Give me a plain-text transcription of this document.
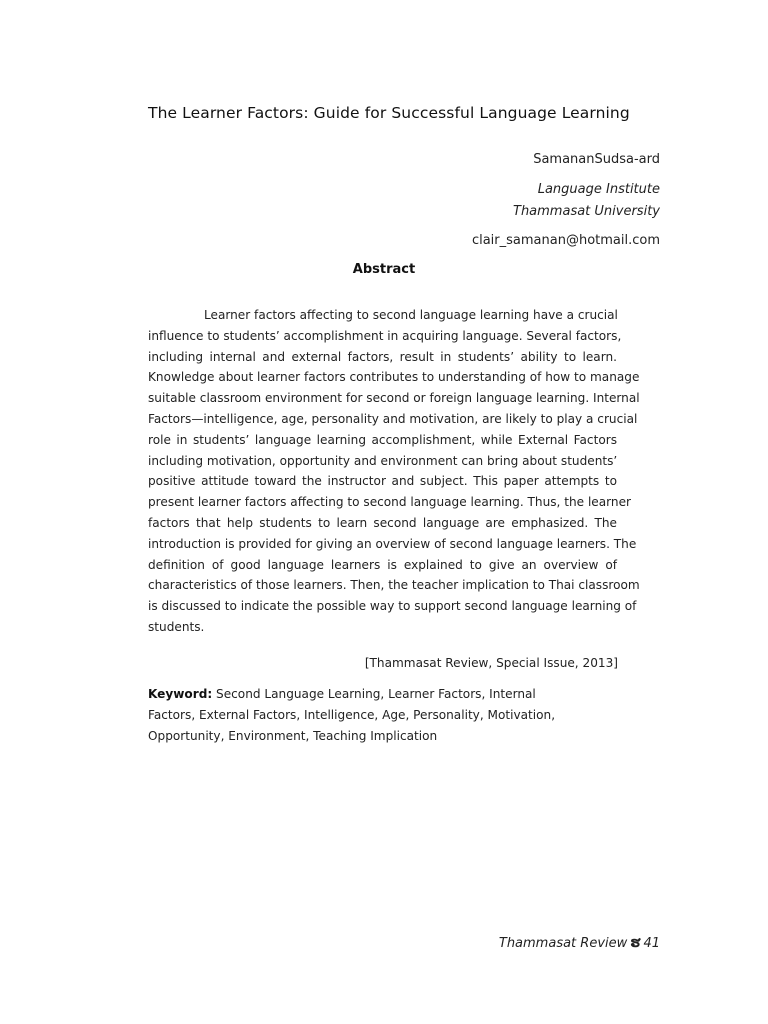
The Learner Factors: Guide for Successful Language Learning
SamananSudsa-ard
Language Institute
Thammasat University
clair_samanan@hotmail.com
Abstract
Learner factors affecting to second language learning have a crucial
influence to students’ accomplishment in acquiring language. Several factors,
including internal and external factors, result in students’ ability to learn.
Knowledge about learner factors contributes to understanding of how to manage
suitable classroom environment for second or foreign language learning. Internal
Factors—intelligence, age, personality and motivation, are likely to play a crucial
role in students’ language learning accomplishment, while External Factors
including motivation, opportunity and environment can bring about students’
positive attitude toward the instructor and subject. This paper attempts to
present learner factors affecting to second language learning. Thus, the learner
factors that help students to learn second language are emphasized. The
introduction is provided for giving an overview of second language learners. The
definition of good language learners is explained to give an overview of
characteristics of those learners. Then, the teacher implication to Thai classroom
is discussed to indicate the possible way to support second language learning of
students.
[Thammasat Review, Special Issue, 2013]
Keyword: Second Language Learning, Learner Factors, Internal
Factors, External Factors, Intelligence, Age, Personality, Motivation,
Opportunity, Environment, Teaching Implication
Thammasat Review ຮ 41
